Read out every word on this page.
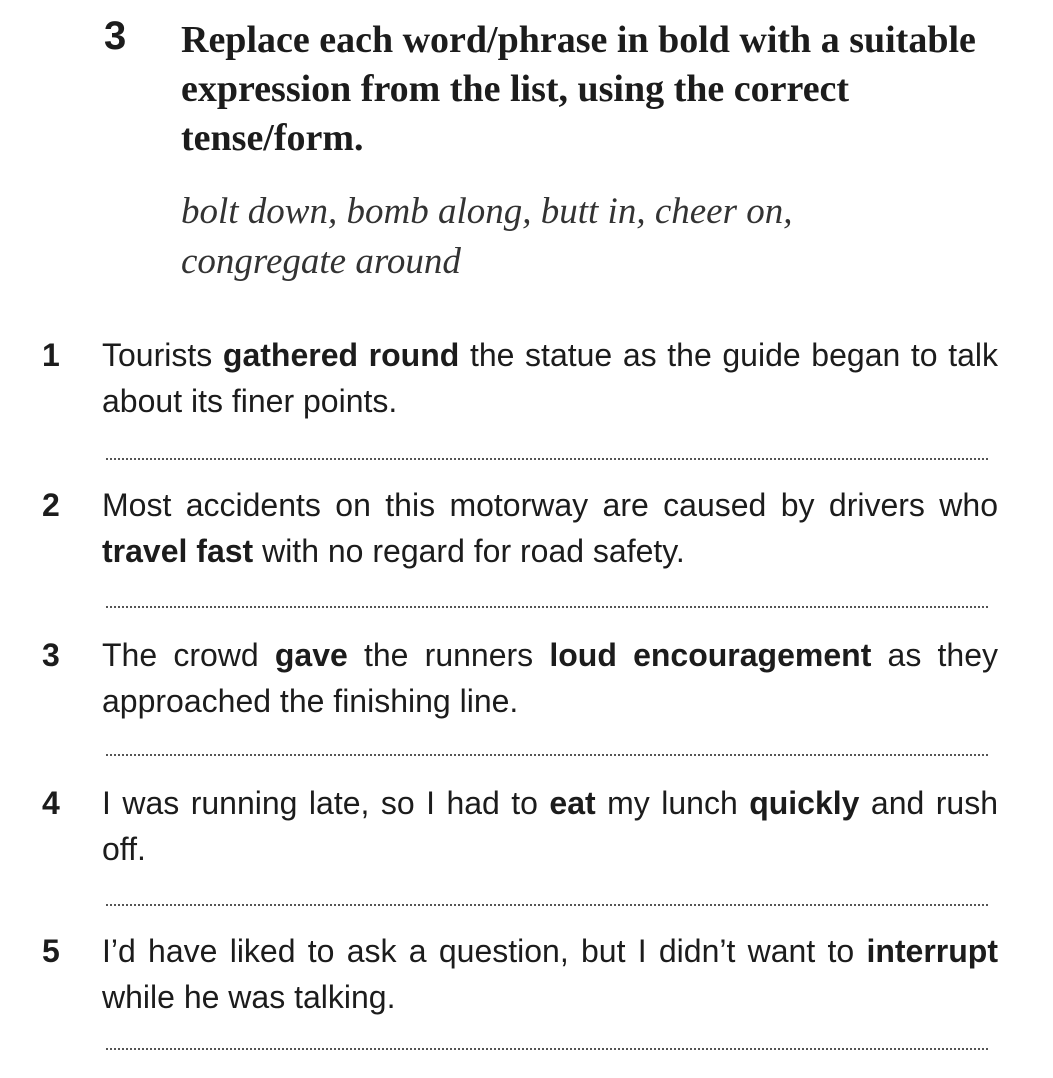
3 Replace each word/phrase in bold with a suitable expression from the list, using the correct tense/form.
bolt down, bomb along, butt in, cheer on, congregate around
1 Tourists gathered round the statue as the guide began to talk about its finer points.
2 Most accidents on this motorway are caused by drivers who travel fast with no regard for road safety.
3 The crowd gave the runners loud encouragement as they approached the finishing line.
4 I was running late, so I had to eat my lunch quickly and rush off.
5 I’d have liked to ask a question, but I didn’t want to interrupt while he was talking.
